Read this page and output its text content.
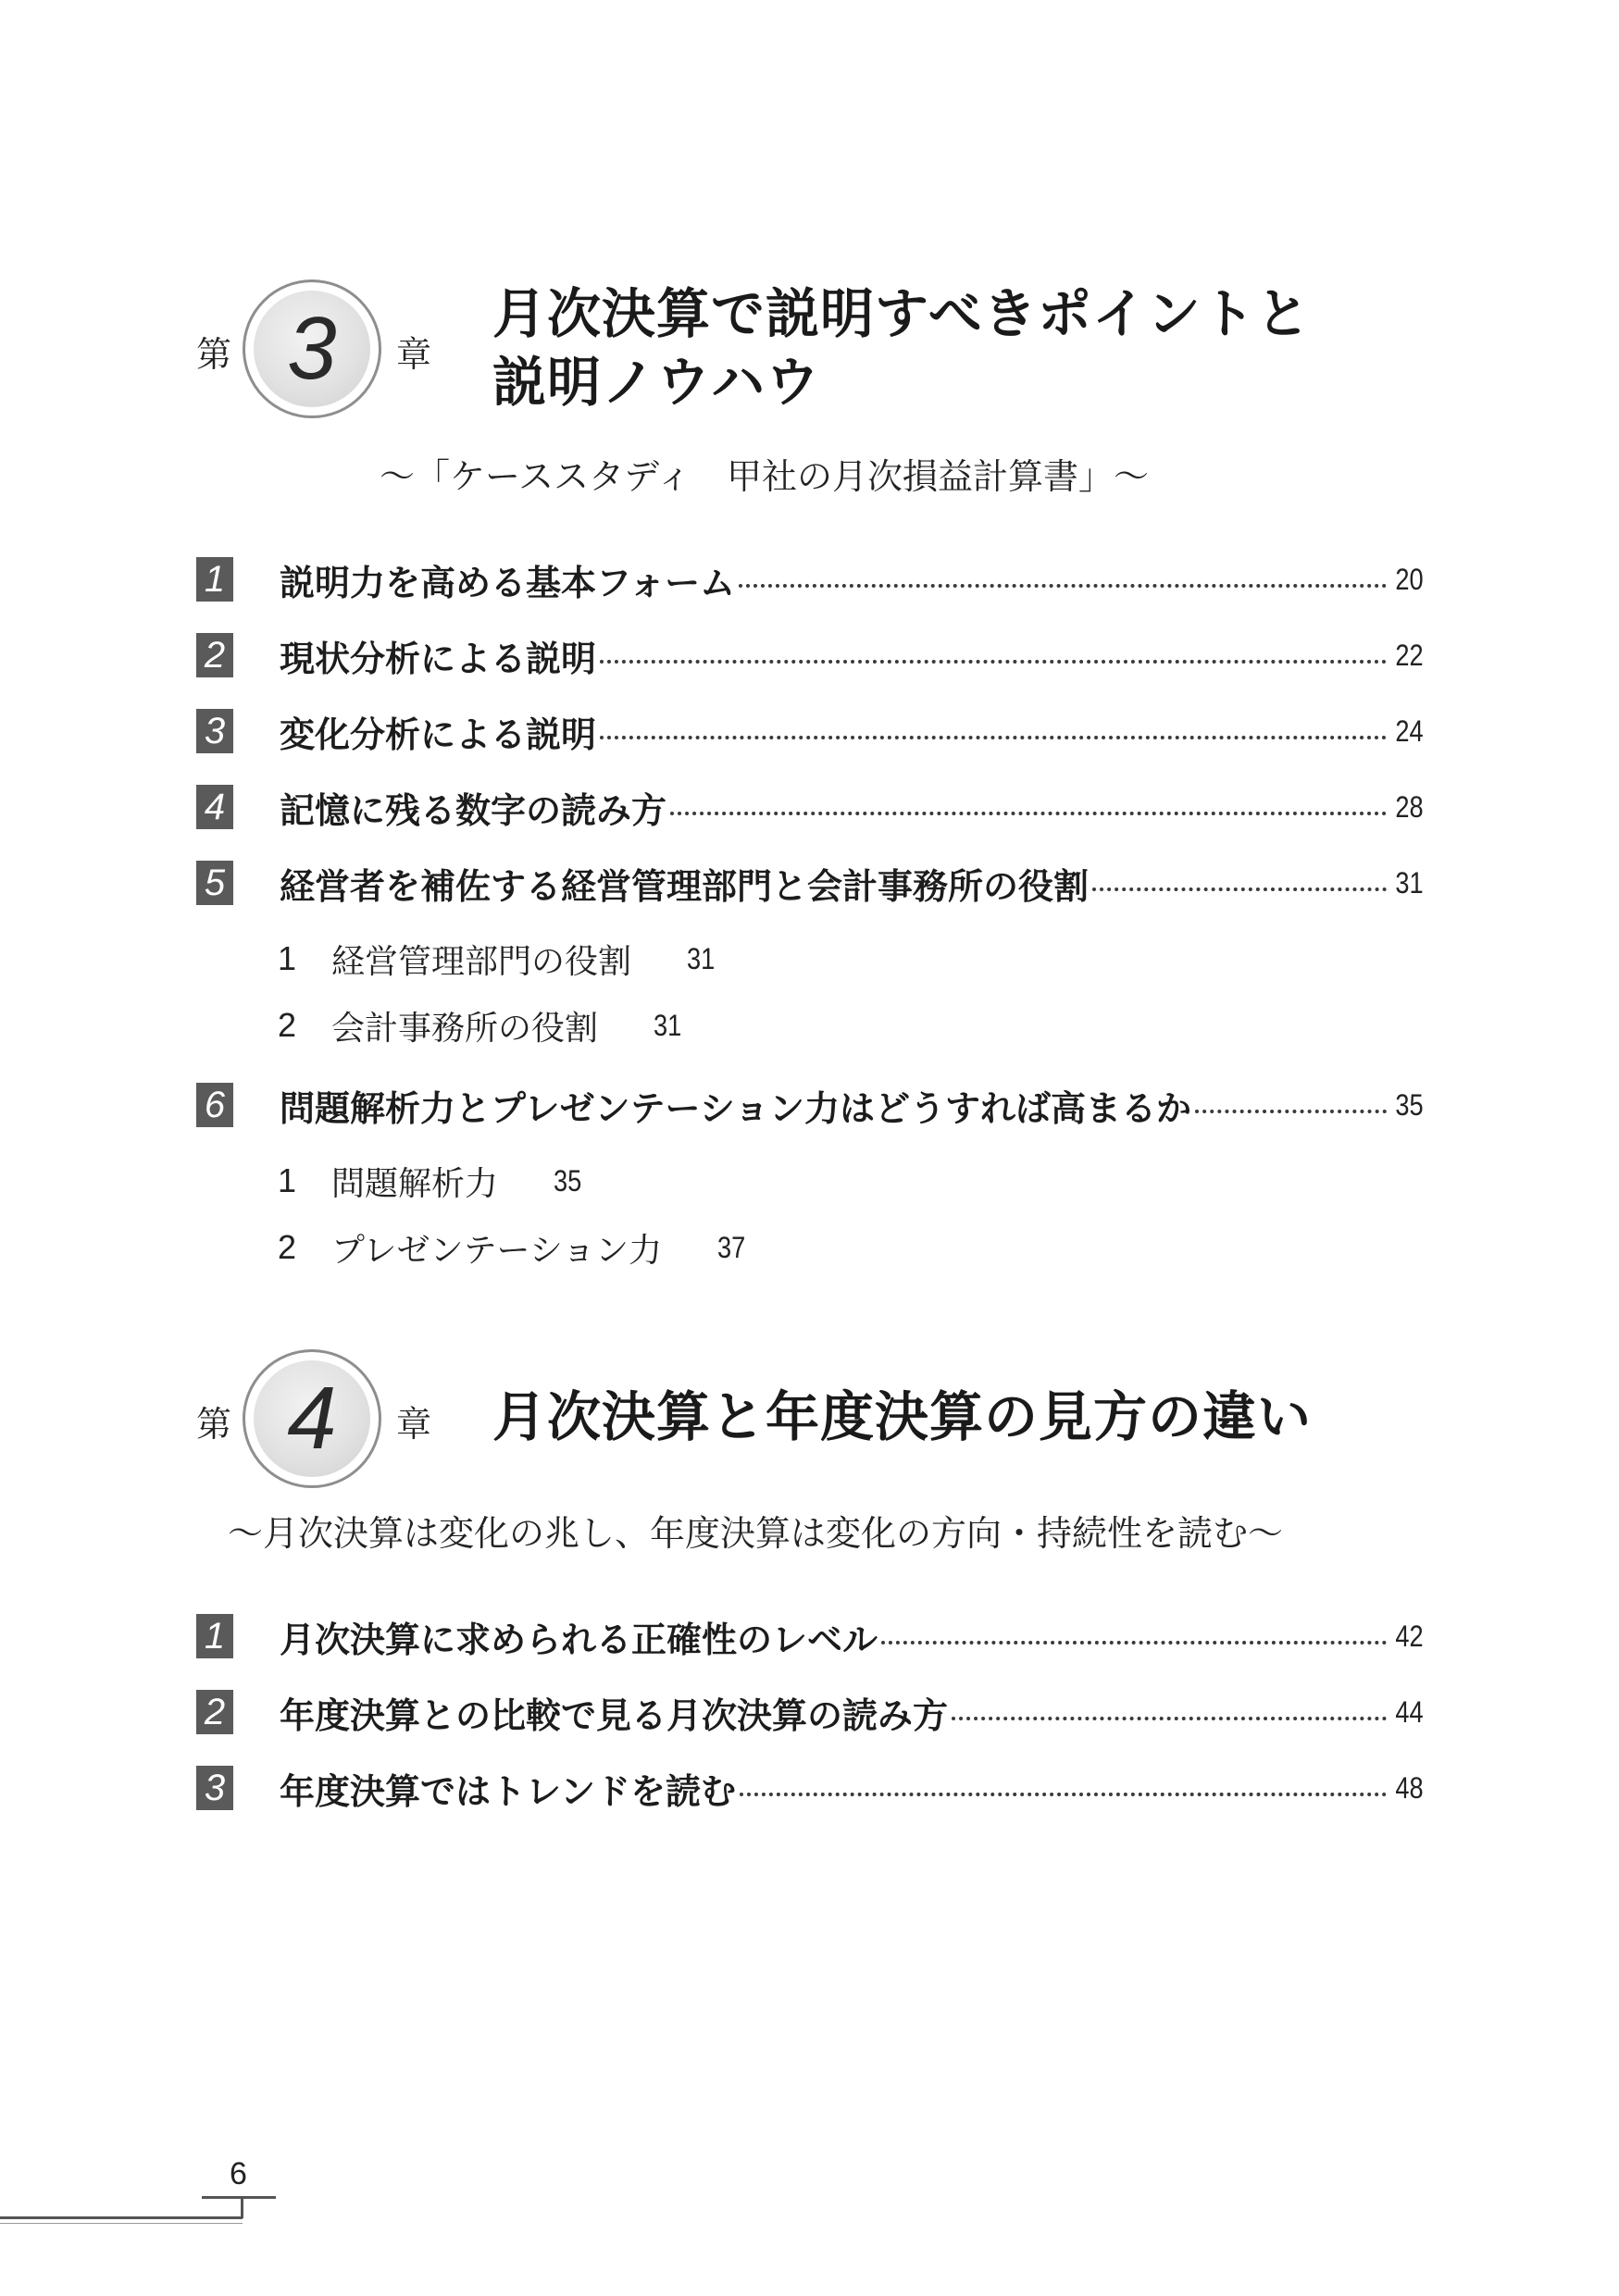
第 3	章
月次決算で説明すべきポイントと
説明ノウハウ
～「ケーススタディ　甲社の月次損益計算書」～
1 説明力を高める基本フォーム	20
2 現状分析による説明	22
3 変化分析による説明	24
4 記憶に残る数字の読み方	28
5 経営者を補佐する経営管理部門と会計事務所の役割	31
1	経営管理部門の役割 31
2	会計事務所の役割 31
6 問題解析力とプレゼンテーション力はどうすれば高まるか	35
1	問題解析力 35
2	プレゼンテーション力 37
第 4	章 月次決算と年度決算の見方の違い
～月次決算は変化の兆し、年度決算は変化の方向・持続性を読む～
1 月次決算に求められる正確性のレベル	42
2 年度決算との比較で見る月次決算の読み方	44
3 年度決算ではトレンドを読む	48
6
